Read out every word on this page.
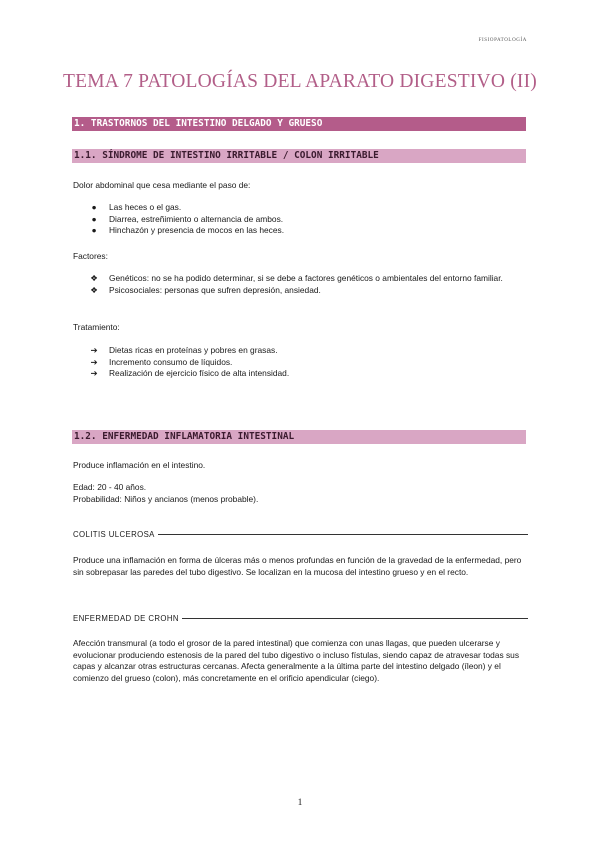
FISIOPATOLOGÍA
TEMA 7 PATOLOGÍAS DEL APARATO DIGESTIVO (II)
1. TRASTORNOS DEL INTESTINO DELGADO Y GRUESO
1.1. SÍNDROME DE INTESTINO IRRITABLE / COLON IRRITABLE
Dolor abdominal que cesa mediante el paso de:
●	Las heces o el gas.
●	Diarrea, estreñimiento o alternancia de ambos.
●	Hinchazón y presencia de mocos en las heces.
Factores:
❖	Genéticos: no se ha podido determinar, si se debe a factores genéticos o ambientales del entorno familiar.
❖	Psicosociales: personas que sufren depresión, ansiedad.
Tratamiento:
➔	Dietas ricas en proteínas y pobres en grasas.
➔	Incremento consumo de líquidos.
➔	Realización de ejercicio físico de alta intensidad.
1.2. ENFERMEDAD INFLAMATORIA INTESTINAL
Produce inflamación en el intestino.
Edad: 20 - 40 años.
Probabilidad: Niños y ancianos (menos probable).
COLITIS ULCEROSA
Produce una inflamación en forma de úlceras más o menos profundas en función de la gravedad de la enfermedad, pero sin sobrepasar las paredes del tubo digestivo. Se localizan en la mucosa del intestino grueso y en el recto.
ENFERMEDAD DE CROHN
Afección transmural (a todo el grosor de la pared intestinal) que comienza con unas llagas, que pueden ulcerarse y evolucionar produciendo estenosis de la pared del tubo digestivo o incluso fístulas, siendo capaz de atravesar todas sus capas y alcanzar otras estructuras cercanas. Afecta generalmente a la última parte del intestino delgado (íleon) y el comienzo del grueso (colon), más concretamente en el orificio apendicular (ciego).
1
